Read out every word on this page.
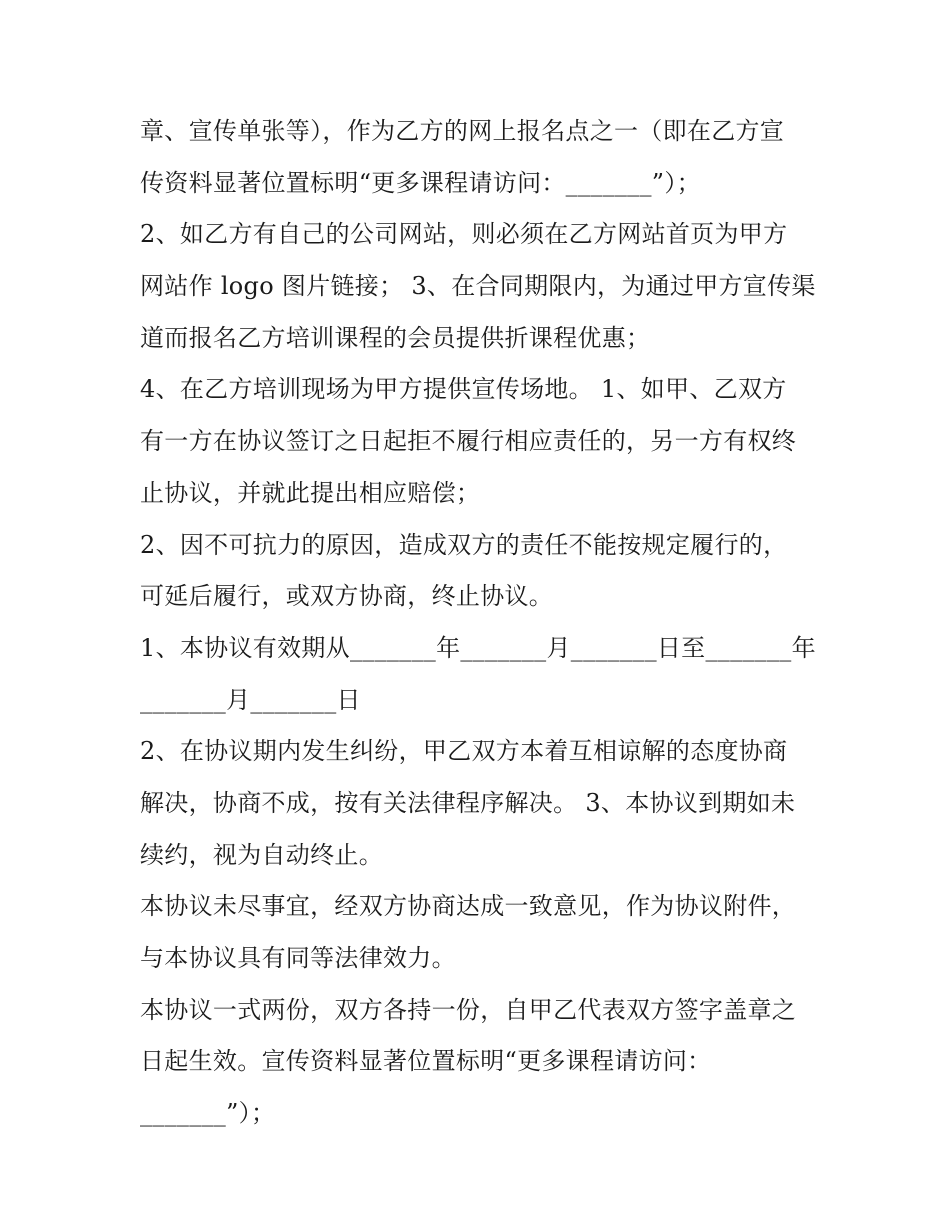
章、宣传单张等），作为乙方的网上报名点之一（即在乙方宣
传资料显著位置标明“更多课程请访问：_______”）；
2、如乙方有自己的公司网站，则必须在乙方网站首页为甲方
网站作 logo 图片链接； 3、在合同期限内，为通过甲方宣传渠
道而报名乙方培训课程的会员提供折课程优惠；
4、在乙方培训现场为甲方提供宣传场地。 1、如甲、乙双方
有一方在协议签订之日起拒不履行相应责任的，另一方有权终
止协议，并就此提出相应赔偿；
2、因不可抗力的原因，造成双方的责任不能按规定履行的，
可延后履行，或双方协商，终止协议。
1、本协议有效期从_______年_______月_______日至_______年
_______月_______日
2、在协议期内发生纠纷，甲乙双方本着互相谅解的态度协商
解决，协商不成，按有关法律程序解决。 3、本协议到期如未
续约，视为自动终止。
本协议未尽事宜，经双方协商达成一致意见，作为协议附件，
与本协议具有同等法律效力。
本协议一式两份，双方各持一份，自甲乙代表双方签字盖章之
日起生效。宣传资料显著位置标明“更多课程请访问：
_______”）；
